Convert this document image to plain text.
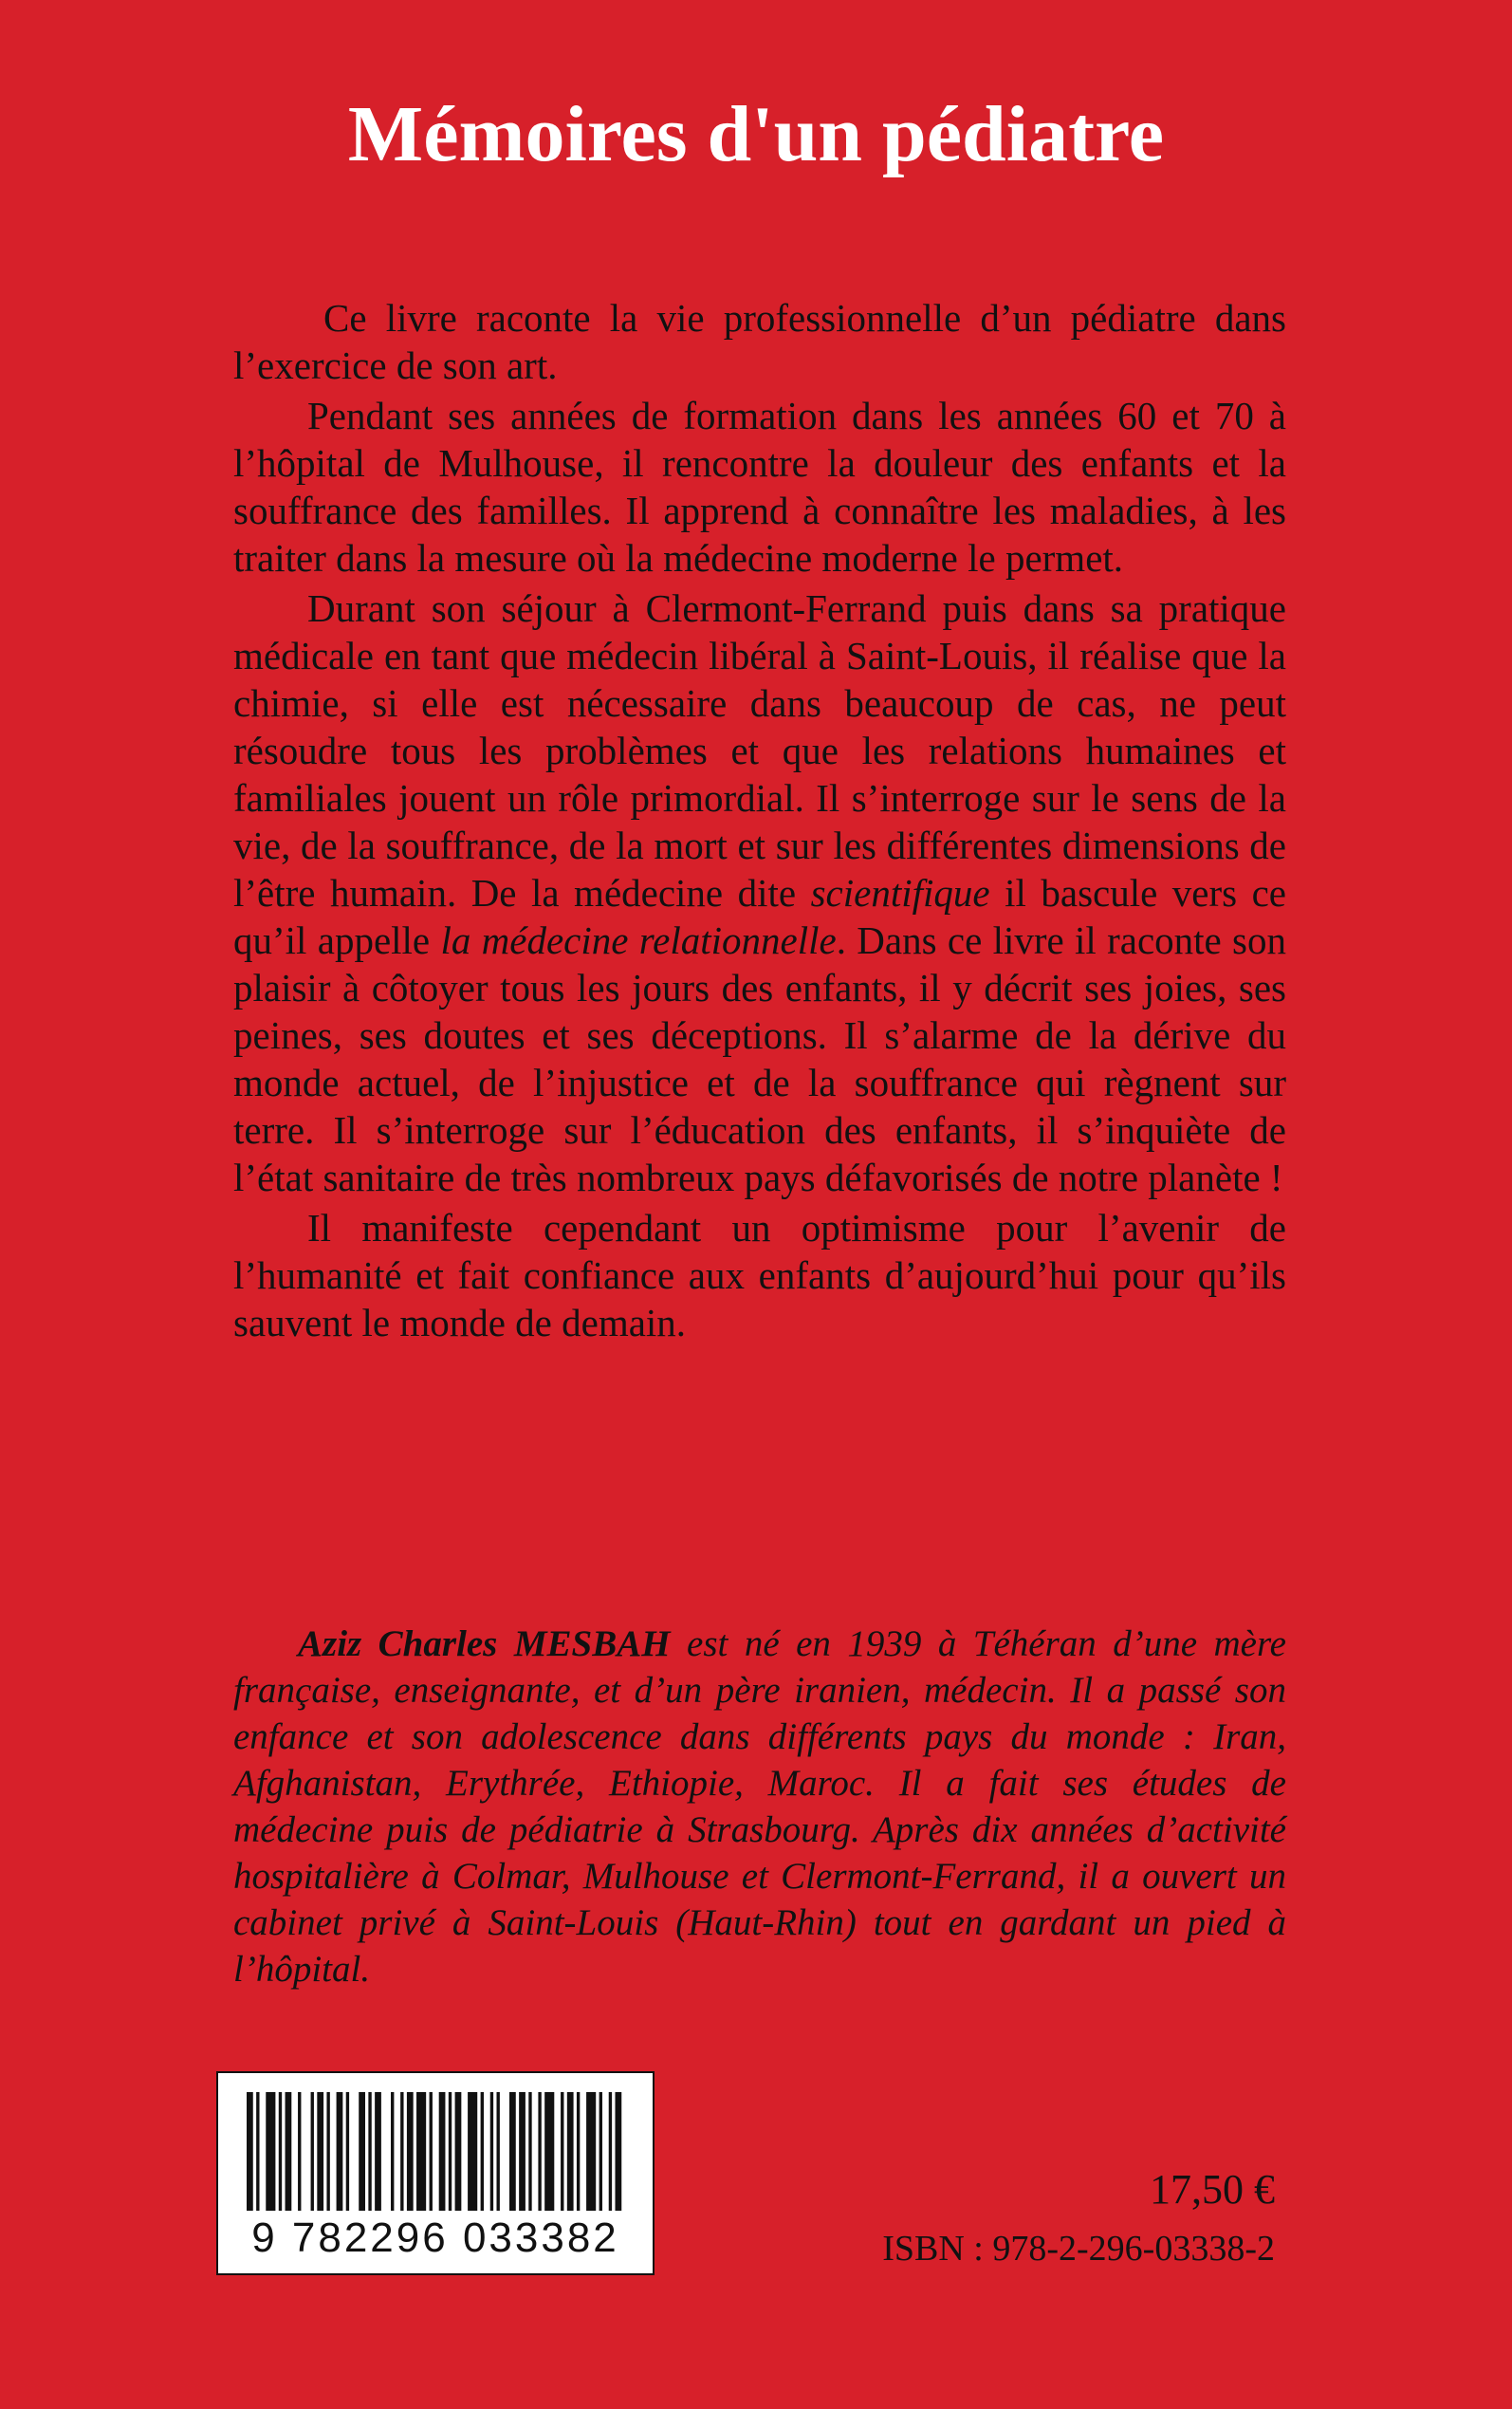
Mémoires d'un pédiatre

Ce livre raconte la vie professionnelle d’un pédiatre dans l’exercice de son art.

Pendant ses années de formation dans les années 60 et 70 à l’hôpital de Mulhouse, il rencontre la douleur des enfants et la souffrance des familles. Il apprend à connaître les maladies, à les traiter dans la mesure où la médecine moderne le permet.

Durant son séjour à Clermont-Ferrand puis dans sa pratique médicale en tant que médecin libéral à Saint-Louis, il réalise que la chimie, si elle est nécessaire dans beaucoup de cas, ne peut résoudre tous les problèmes et que les relations humaines et familiales jouent un rôle primordial. Il s’interroge sur le sens de la vie, de la souffrance, de la mort et sur les différentes dimensions de l’être humain. De la médecine dite scientifique il bascule vers ce qu’il appelle la médecine relationnelle. Dans ce livre il raconte son plaisir à côtoyer tous les jours des enfants, il y décrit ses joies, ses peines, ses doutes et ses déceptions. Il s’alarme de la dérive du monde actuel, de l’injustice et de la souffrance qui règnent sur terre. Il s’interroge sur l’éducation des enfants, il s’inquiète de l’état sanitaire de très nombreux pays défavorisés de notre planète !

Il manifeste cependant un optimisme pour l’avenir de l’humanité et fait confiance aux enfants d’aujourd’hui pour qu’ils sauvent le monde de demain.

Aziz Charles MESBAH est né en 1939 à Téhéran d’une mère française, enseignante, et d’un père iranien, médecin. Il a passé son enfance et son adolescence dans différents pays du monde : Iran, Afghanistan, Erythrée, Ethiopie, Maroc. Il a fait ses études de médecine puis de pédiatrie à Strasbourg. Après dix années d’activité hospitalière à Colmar, Mulhouse et Clermont-Ferrand, il a ouvert un cabinet privé à Saint-Louis (Haut-Rhin) tout en gardant un pied à l’hôpital.

9 782296 033382
17,50 €
ISBN : 978-2-296-03338-2
